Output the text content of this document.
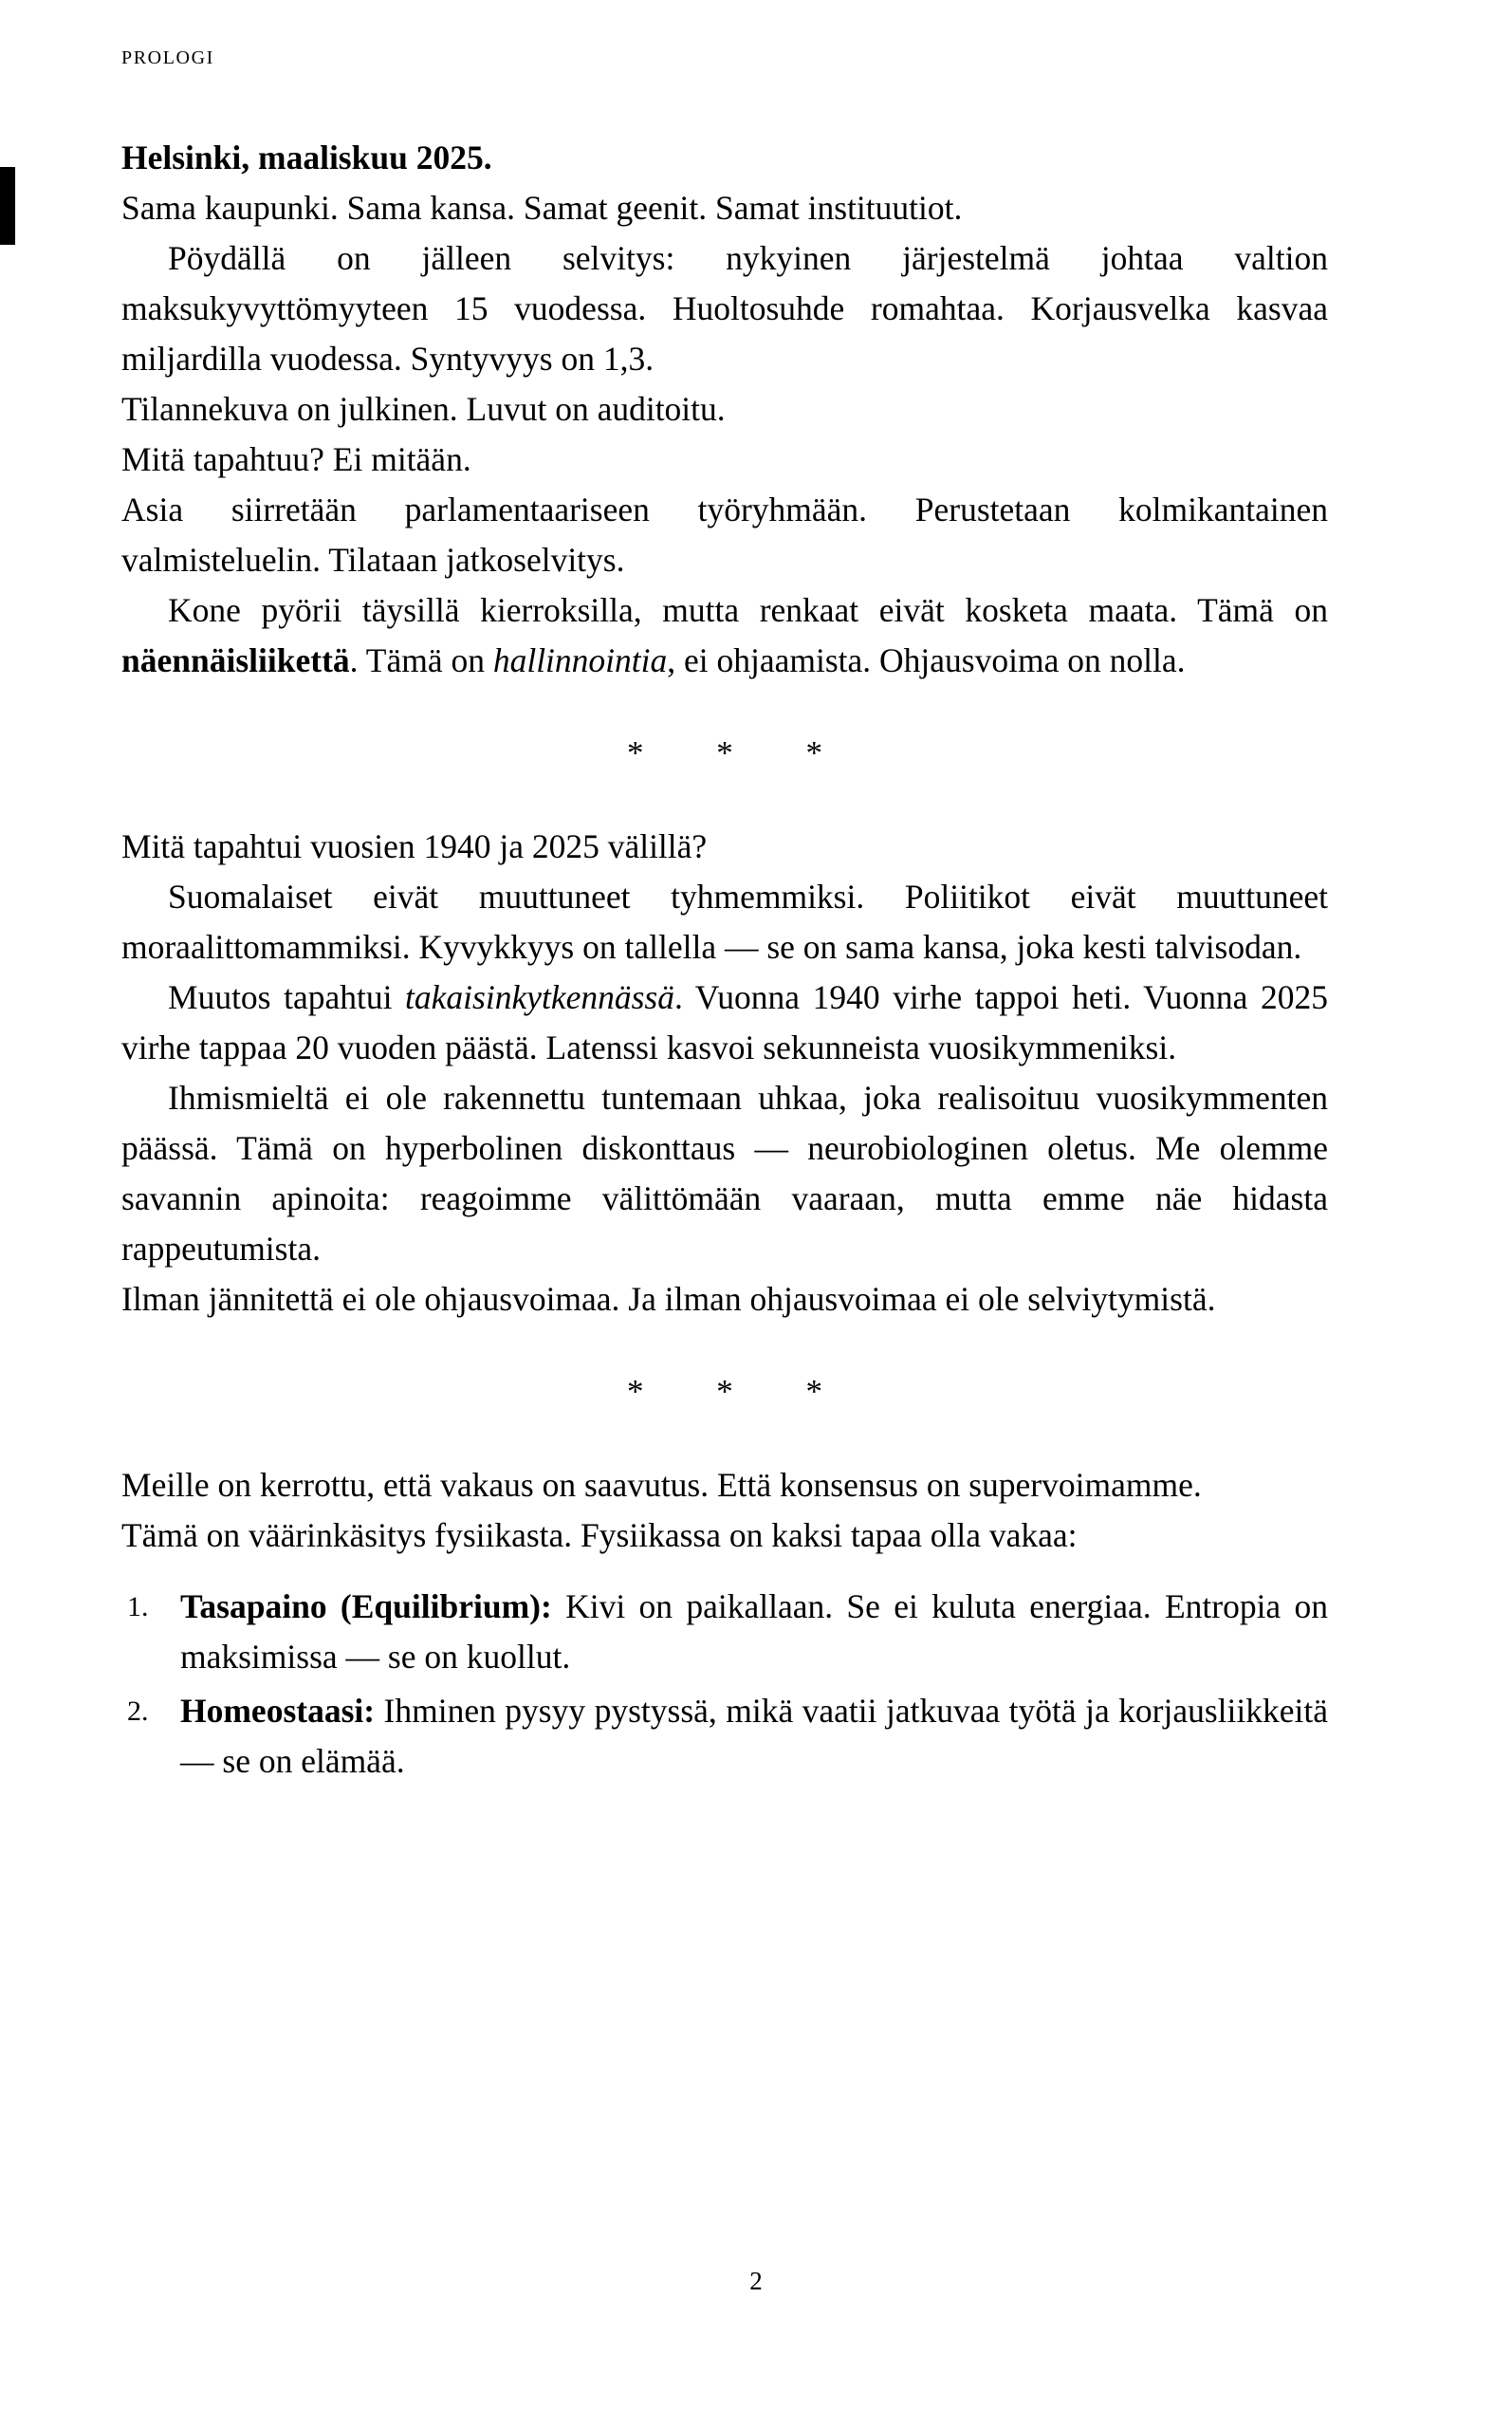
prologi

Helsinki, maaliskuu 2025.
Sama kaupunki. Sama kansa. Samat geenit. Samat instituutiot.

Pöydällä on jälleen selvitys: nykyinen järjestelmä johtaa valtion maksukyvyttömyyteen 15 vuodessa. Huoltosuhde romahtaa. Korjausvelka kasvaa miljardilla vuodessa. Syntyvyys on 1,3.

Tilannekuva on julkinen. Luvut on auditoitu.

Mitä tapahtuu? Ei mitään.

Asia siirretään parlamentaariseen työryhmään. Perustetaan kolmikantainen valmisteluelin. Tilataan jatkoselvitys.

Kone pyörii täysillä kierroksilla, mutta renkaat eivät kosketa maata. Tämä on näennäisliikettä. Tämä on hallinnointia, ei ohjaamista. Ohjausvoima on nolla.

* * *

Mitä tapahtui vuosien 1940 ja 2025 välillä?

Suomalaiset eivät muuttuneet tyhmemmiksi. Poliitikot eivät muuttuneet moraalittomammiksi. Kyvykkyys on tallella — se on sama kansa, joka kesti talvisodan.

Muutos tapahtui takaisinkytkennässä. Vuonna 1940 virhe tappoi heti. Vuonna 2025 virhe tappaa 20 vuoden päästä. Latenssi kasvoi sekunneista vuosikymmeniksi.

Ihmismieltä ei ole rakennettu tuntemaan uhkaa, joka realisoituu vuosikymmenten päässä. Tämä on hyperbolinen diskonttaus — neurobiologinen oletus. Me olemme savannin apinoita: reagoimme välittömään vaaraan, mutta emme näe hidasta rappeutumista.

Ilman jännitettä ei ole ohjausvoimaa. Ja ilman ohjausvoimaa ei ole selviytymistä.

* * *

Meille on kerrottu, että vakaus on saavutus. Että konsensus on supervoimamme.

Tämä on väärinkäsitys fysiikasta. Fysiikassa on kaksi tapaa olla vakaa:

1. Tasapaino (Equilibrium): Kivi on paikallaan. Se ei kuluta energiaa. Entropia on maksimissa — se on kuollut.
2. Homeostaasi: Ihminen pysyy pystyssä, mikä vaatii jatkuvaa työtä ja korjausliikkeitä — se on elämää.
2
